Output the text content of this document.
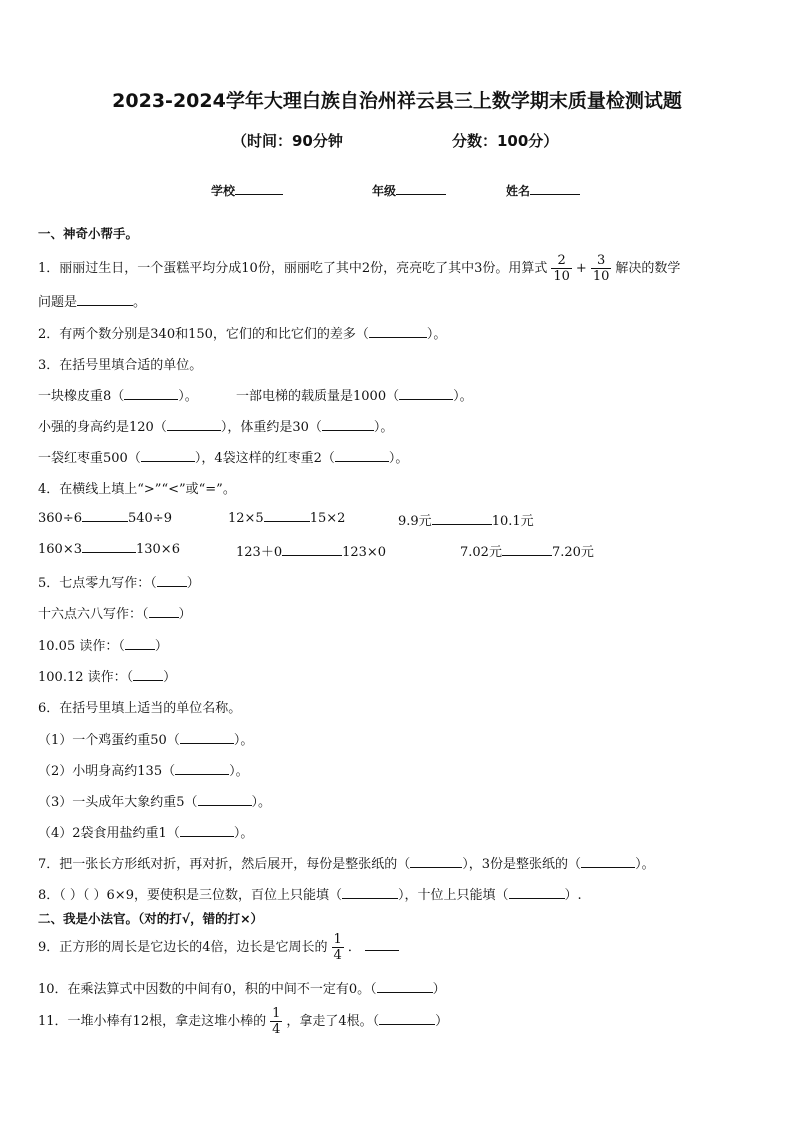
2023-2024学年大理白族自治州祥云县三上数学期末质量检测试题
（时间：90分钟	分数：100分）
学校	年级	姓名
一、神奇小帮手。
1．丽丽过生日，一个蛋糕平均分成10份，丽丽吃了其中2份，亮亮吃了其中3份。用算式 $\frac{2}{10} + \frac{3}{10}$ 解决的数学
问题是	。
2．有两个数分别是340和150，它们的和比它们的差多（	）。
3．在括号里填合适的单位。
一块橡皮重8（	）。	一部电梯的载质量是1000（	）。
小强的身高约是120（	），体重约是30（	）。
一袋红枣重500（	），4袋这样的红枣重2（	）。
4．在横线上填上“>”“<”或“=”。
360÷6	540÷9	12×5	15×2	9.9元	10.1元
160×3	130×6	123＋0	123×0	7.02元	7.20元
5．七点零九写作：（ ）
十六点六八写作：（ ）
10.05 读作：（ ）
100.12 读作：（ ）
6．在括号里填上适当的单位名称。
（1）一个鸡蛋约重50（	）。
（2）小明身高约135（	）。
（3）一头成年大象约重5（	）。
（4）2袋食用盐约重1（	）。
7．把一张长方形纸对折，再对折，然后展开，每份是整张纸的（	），3份是整张纸的（	）。
8．（ ）（ ）6×9，要使积是三位数，百位上只能填（	），十位上只能填（	）.
二、我是小法官。（对的打√，错的打×）
9．正方形的周长是它边长的4倍，边长是它周长的 $\frac{1}{4}$ ．
10．在乘法算式中因数的中间有0，积的中间不一定有0。（	）
11．一堆小棒有12根，拿走这堆小棒的 $\frac{1}{4}$ ，拿走了4根。（	）
